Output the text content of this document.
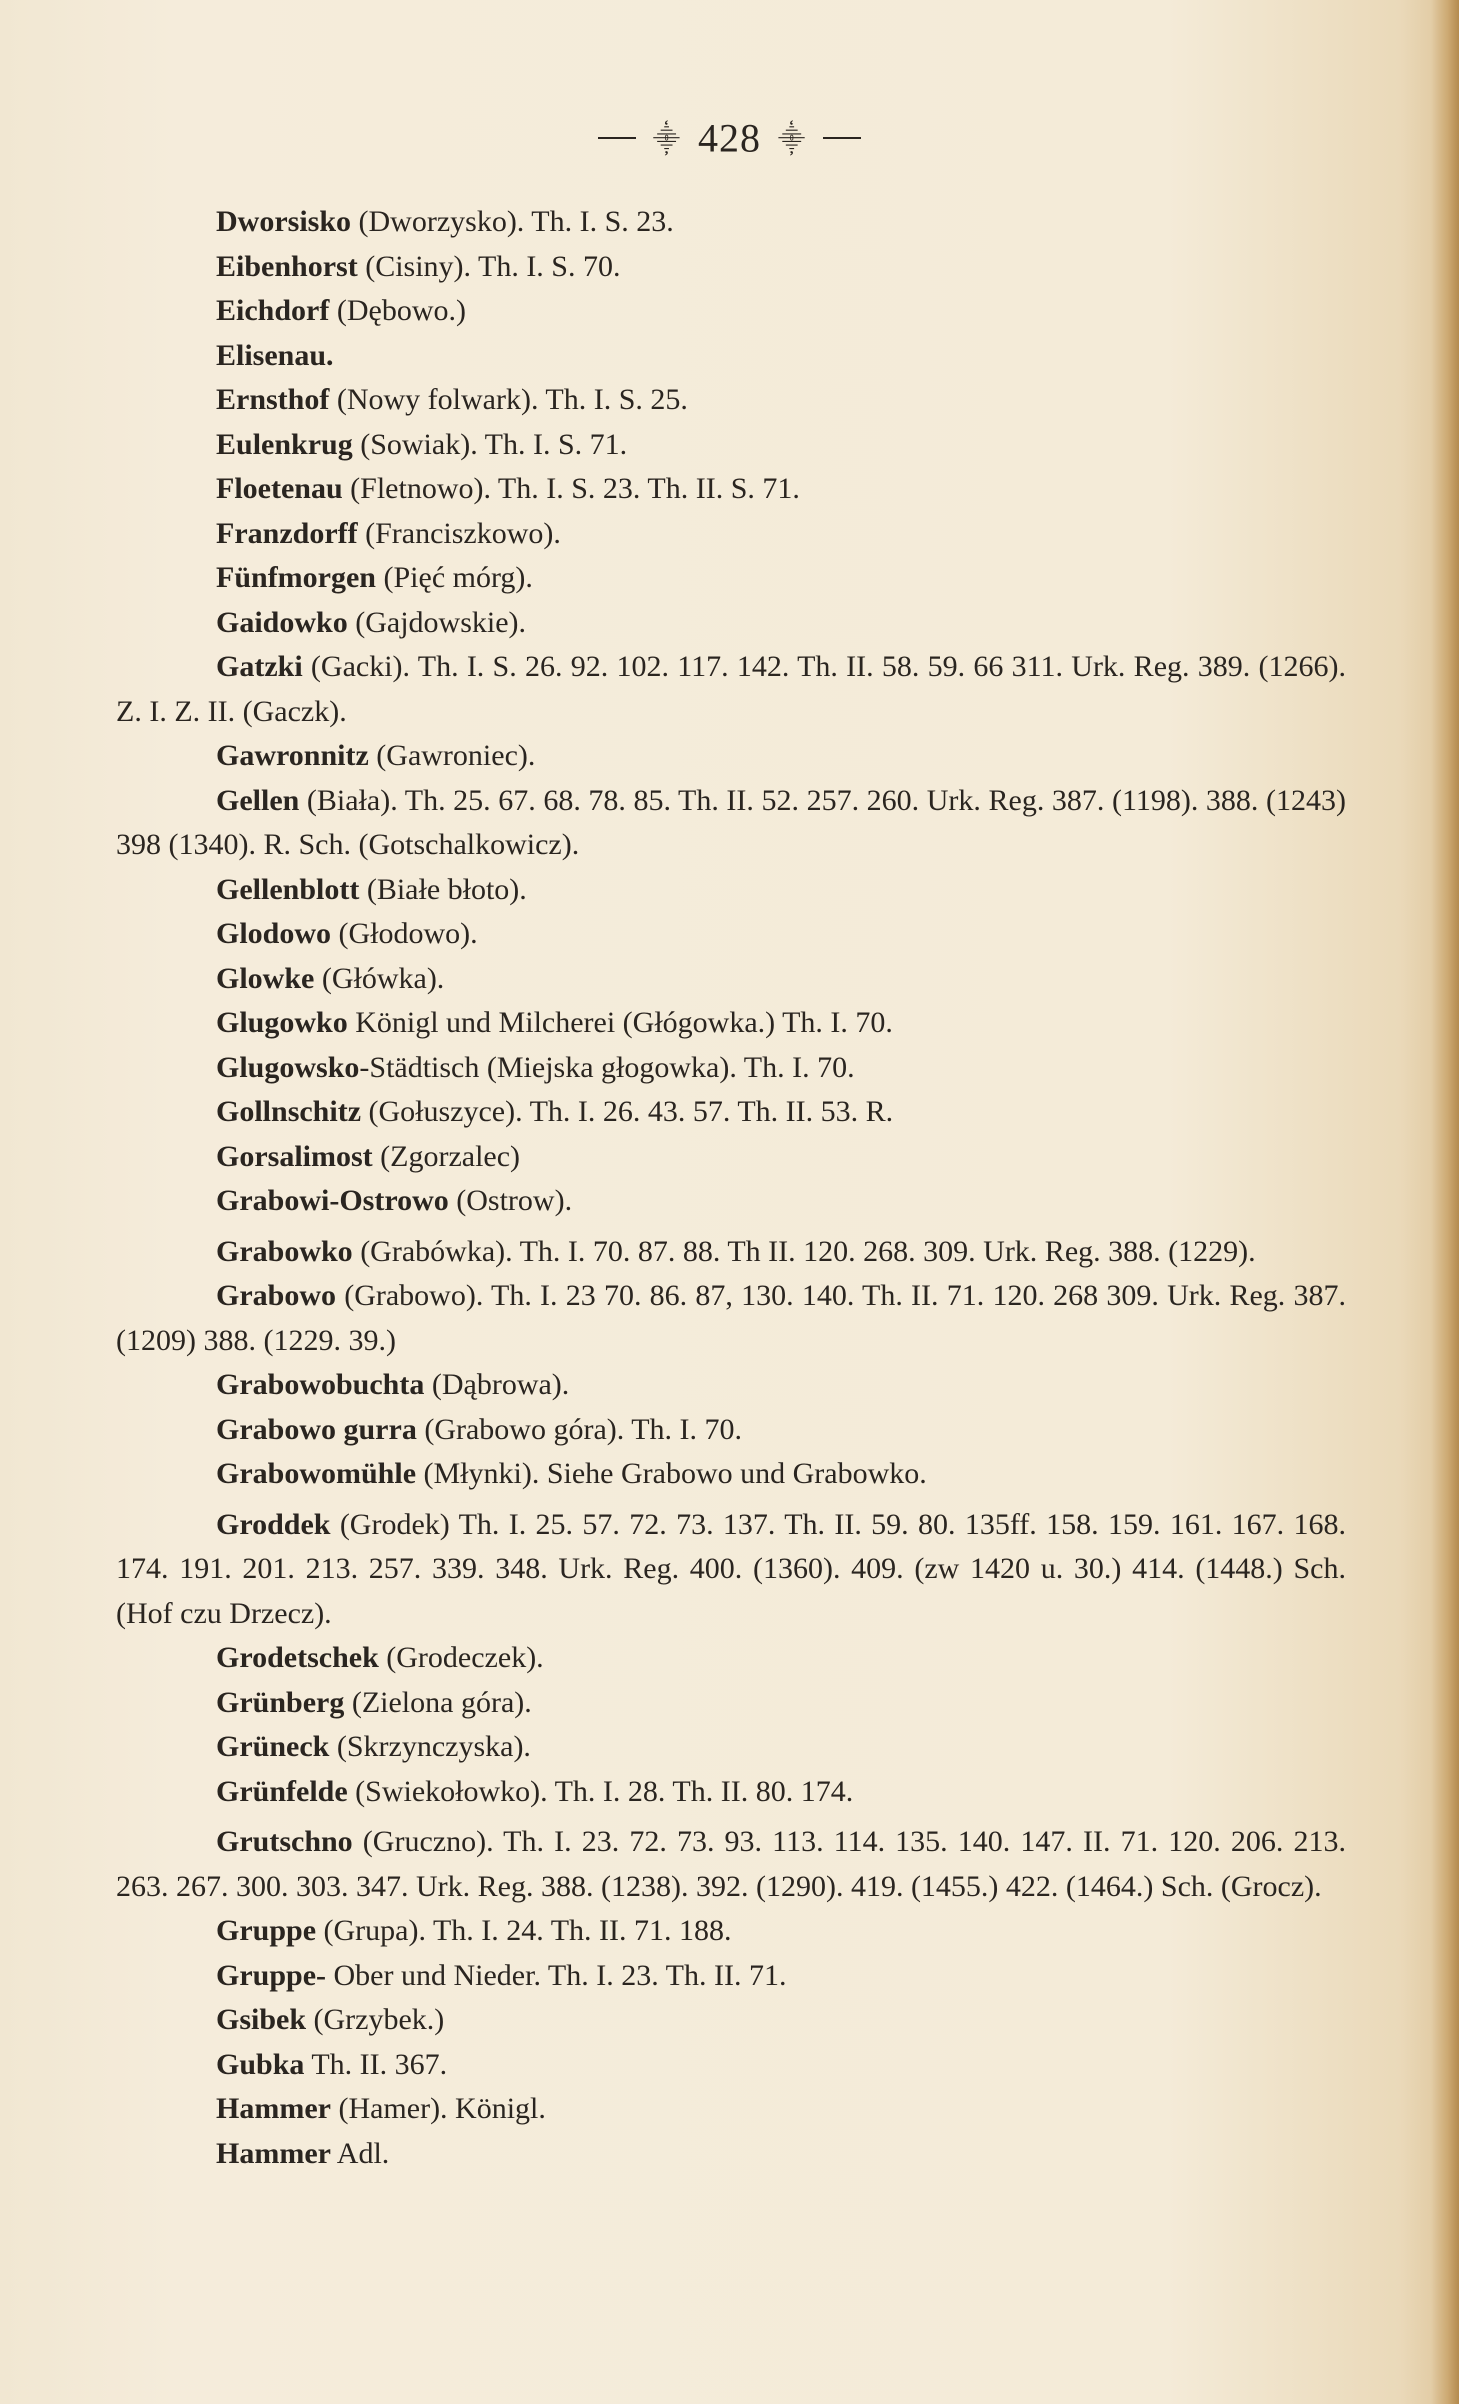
⸎ 428 ⸎
Dworsisko (Dworzysko). Th. I. S. 23.
Eibenhorst (Cisiny). Th. I. S. 70.
Eichdorf (Dębowo.)
Elisenau.
Ernsthof (Nowy folwark). Th. I. S. 25.
Eulenkrug (Sowiak). Th. I. S. 71.
Floetenau (Fletnowo). Th. I. S. 23. Th. II. S. 71.
Franzdorff (Franciszkowo).
Fünfmorgen (Pięć mórg).
Gaidowko (Gajdowskie).
Gatzki (Gacki). Th. I. S. 26. 92. 102. 117. 142. Th. II. 58. 59. 66 311. Urk. Reg. 389. (1266). Z. I. Z. II. (Gaczk).
Gawronnitz (Gawroniec).
Gellen (Biała). Th. 25. 67. 68. 78. 85. Th. II. 52. 257. 260. Urk. Reg. 387. (1198). 388. (1243) 398 (1340). R. Sch. (Gotschalkowicz).
Gellenblott (Białe błoto).
Glodowo (Głodowo).
Glowke (Główka).
Glugowko Königl und Milcherei (Głógowka.) Th. I. 70.
Glugowsko-Städtisch (Miejska głogowka). Th. I. 70.
Gollnschitz (Gołuszyce). Th. I. 26. 43. 57. Th. II. 53. R.
Gorsalimost (Zgorzalec)
Grabowi-Ostrowo (Ostrow).
Grabowko (Grabówka). Th. I. 70. 87. 88. Th II. 120. 268. 309. Urk. Reg. 388. (1229).
Grabowo (Grabowo). Th. I. 23 70. 86. 87, 130. 140. Th. II. 71. 120. 268 309. Urk. Reg. 387. (1209) 388. (1229. 39.)
Grabowobuchta (Dąbrowa).
Grabowo gurra (Grabowo góra). Th. I. 70.
Grabowomühle (Młynki). Siehe Grabowo und Grabowko.
Groddek (Grodek) Th. I. 25. 57. 72. 73. 137. Th. II. 59. 80. 135ff. 158. 159. 161. 167. 168. 174. 191. 201. 213. 257. 339. 348. Urk. Reg. 400. (1360). 409. (zw 1420 u. 30.) 414. (1448.) Sch. (Hof czu Drzecz).
Grodetschek (Grodeczek).
Grünberg (Zielona góra).
Grüneck (Skrzynczyska).
Grünfelde (Swiekołowko). Th. I. 28. Th. II. 80. 174.
Grutschno (Gruczno). Th. I. 23. 72. 73. 93. 113. 114. 135. 140. 147. II. 71. 120. 206. 213. 263. 267. 300. 303. 347. Urk. Reg. 388. (1238). 392. (1290). 419. (1455.) 422. (1464.) Sch. (Grocz).
Gruppe (Grupa). Th. I. 24. Th. II. 71. 188.
Gruppe- Ober und Nieder. Th. I. 23. Th. II. 71.
Gsibek (Grzybek.)
Gubka Th. II. 367.
Hammer (Hamer). Königl.
Hammer Adl.
